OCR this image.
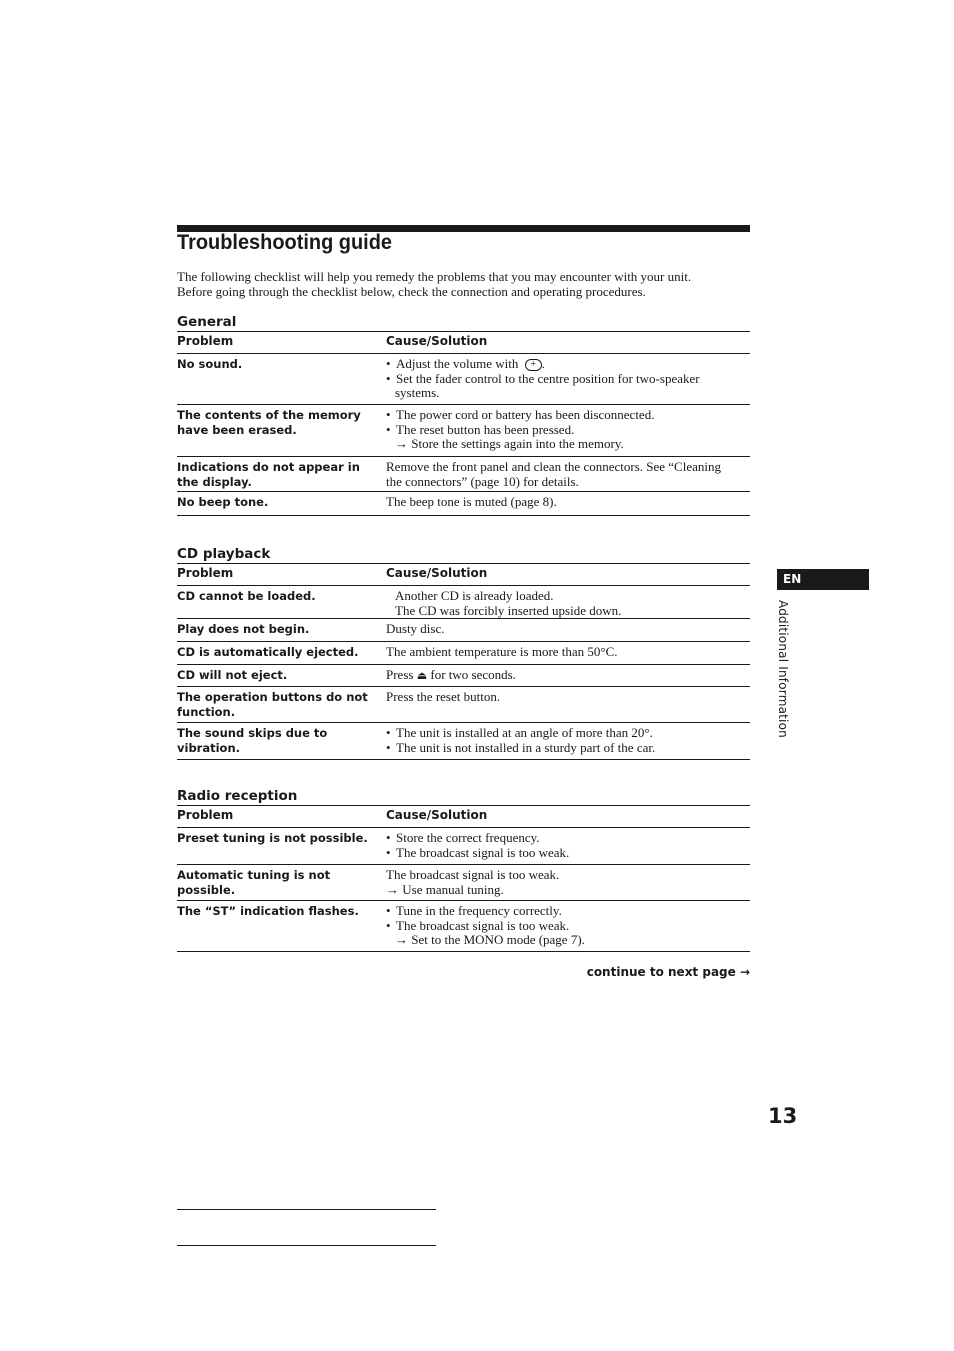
Troubleshooting guide

The following checklist will help you remedy the problems that you may encounter with your unit.

Before going through the checklist below, check the connection and operating procedures.

General
Problem	Cause/Solution
No sound.	• Adjust the volume with + .
• Set the fader control to the centre position for two-speaker
systems.

The contents of the memory have been erased.	• The power cord or battery has been disconnected.
• The reset button has been pressed.
→ Store the settings again into the memory.

Indications do not appear in the display.	Remove the front panel and clean the connectors. See “Cleaning
the connectors” (page 10) for details.

No beep tone.	The beep tone is muted (page 8).
CD playback
Problem	Cause/Solution
CD cannot be loaded.	Another CD is already loaded.
The CD was forcibly inserted upside down.

Play does not begin.	Dusty disc.

CD is automatically ejected.	The ambient temperature is more than 50°C.

CD will not eject.	Press ⏏ for two seconds.

The operation buttons do not function.	Press the reset button.

The sound skips due to vibration.	• The unit is installed at an angle of more than 20°.
• The unit is not installed in a sturdy part of the car.
Radio reception
Problem	Cause/Solution
Preset tuning is not possible.	• Store the correct frequency.
• The broadcast signal is too weak.

Automatic tuning is not possible.	The broadcast signal is too weak.
→ Use manual tuning.

The “ST” indication flashes.	• Tune in the frequency correctly.
• The broadcast signal is too weak.
→ Set to the MONO mode (page 7).
continue to next page →
EN
Additional Information
13
